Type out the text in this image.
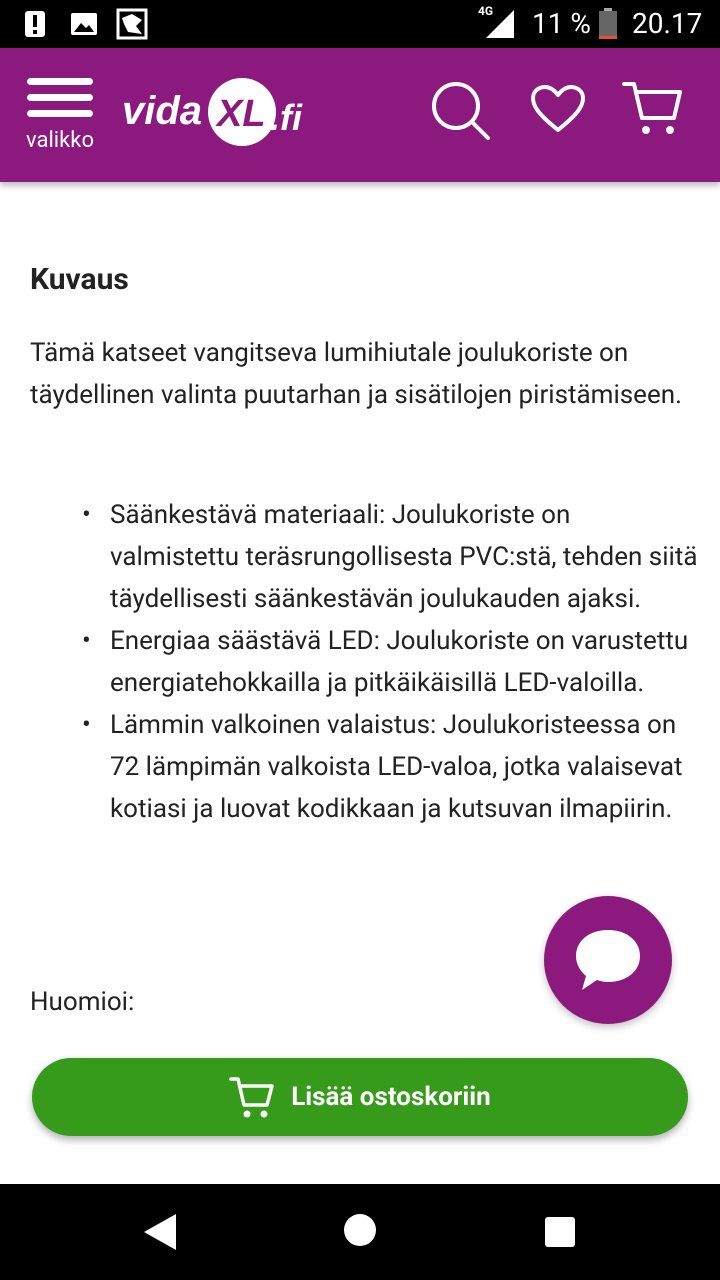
4G 11 % 20.17
valikko
vida XL .fi
Kuvaus

Tämä katseet vangitseva lumihiutale joulukoriste on täydellinen valinta puutarhan ja sisätilojen piristämiseen.

• Säänkestävä materiaali: Joulukoriste on valmistettu teräsrungollisesta PVC:stä, tehden siitä täydellisesti säänkestävän joulukauden ajaksi.
• Energiaa säästävä LED: Joulukoriste on varustettu energiatehokkailla ja pitkäikäisillä LED-valoilla.
• Lämmin valkoinen valaistus: Joulukoristeessa on 72 lämpimän valkoista LED-valoa, jotka valaisevat kotiasi ja luovat kodikkaan ja kutsuvan ilmapiirin.

Huomioi:

Lisää ostoskoriin
